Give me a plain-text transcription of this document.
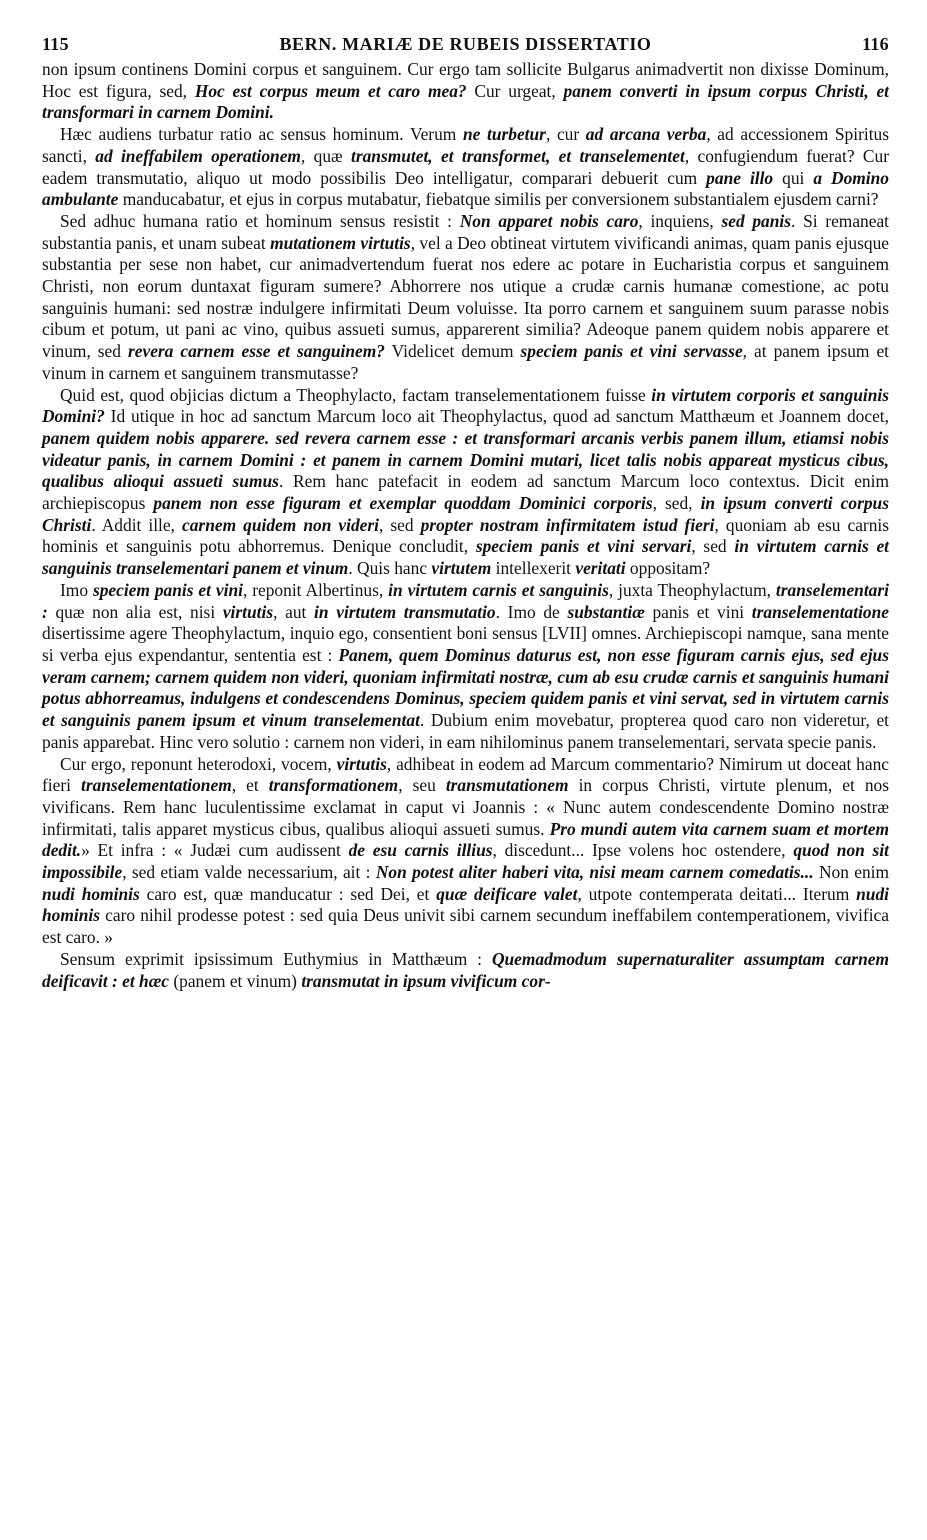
115	BERN. MARIÆ DE RUBEIS DISSERTATIO	116

non ipsum continens Domini corpus et sanguinem. Cur ergo tam sollicite Bulgarus animadvertit non dixisse Dominum, Hoc est figura, sed, Hoc est corpus meum et caro mea? Cur urgeat, panem converti in ipsum corpus Christi, et transformari in carnem Domini.

Hæc audiens turbatur ratio ac sensus hominum. Verum ne turbetur, cur ad arcana verba, ad accessionem Spiritus sancti, ad ineffabilem operationem, quæ transmutet, et transformet, et transelementet, confugiendum fuerat? Cur eadem transmutatio, aliquo ut modo possibilis Deo intelligatur, comparari debuerit cum pane illo qui a Domino ambulante manducabatur, et ejus in corpus mutabatur, fiebatque similis per conversionem substantialem ejusdem carni?

Sed adhuc humana ratio et hominum sensus resistit : Non apparet nobis caro, inquiens, sed panis. Si remaneat substantia panis, et unam subeat mutationem virtutis, vel a Deo obtineat virtutem vivificandi animas, quam panis ejusque substantia per sese non habet, cur animadvertendum fuerat nos edere ac potare in Eucharistia corpus et sanguinem Christi, non eorum duntaxat figuram sumere? Abhorrere nos utique a crudæ carnis humanæ comestione, ac potu sanguinis humani: sed nostræ indulgere infirmitati Deum voluisse. Ita porro carnem et sanguinem suum parasse nobis cibum et potum, ut pani ac vino, quibus assueti sumus, apparerent similia? Adeoque panem quidem nobis apparere et vinum, sed revera carnem esse et sanguinem? Videlicet demum speciem panis et vini servasse, at panem ipsum et vinum in carnem et sanguinem transmutasse?

Quid est, quod objicias dictum a Theophylacto, factam transelementationem fuisse in virtutem corporis et sanguinis Domini? Id utique in hoc ad sanctum Marcum loco ait Theophylactus, quod ad sanctum Matthæum et Joannem docet, panem quidem nobis apparere. sed revera carnem esse : et transformari arcanis verbis panem illum, etiamsi nobis videatur panis, in carnem Domini : et panem in carnem Domini mutari, licet talis nobis appareat mysticus cibus, qualibus alioqui assueti sumus. Rem hanc patefacit in eodem ad sanctum Marcum loco contextus. Dicit enim archiepiscopus panem non esse figuram et exemplar quoddam Dominici corporis, sed, in ipsum converti corpus Christi. Addit ille, carnem quidem non videri, sed propter nostram infirmitatem istud fieri, quoniam ab esu carnis hominis et sanguinis potu abhorremus. Denique concludit, speciem panis et vini servari, sed in virtutem carnis et sanguinis transelementari panem et vinum. Quis hanc virtutem intellexerit veritati oppositam?

Imo speciem panis et vini, reponit Albertinus, in virtutem carnis et sanguinis, juxta Theophylactum, transelementari : quæ non alia est, nisi virtutis, aut in virtutem transmutatio. Imo de substantiæ panis et vini transelementatione disertissime agere Theophylactum, inquio ego, consentient boni sensus [LVII] omnes. Archiepiscopi namque, sana mente si verba ejus expendantur, sententia est : Panem, quem Dominus daturus est, non esse figuram carnis ejus, sed ejus veram carnem; carnem quidem non videri, quoniam infirmitati nostræ, cum ab esu crudæ carnis et sanguinis humani potus abhorreamus, indulgens et condescendens Dominus, speciem quidem panis et vini servat, sed in virtutem carnis et sanguinis panem ipsum et vinum transelementat. Dubium enim movebatur, propterea quod caro non videretur, et panis apparebat. Hinc vero solutio : carnem non videri, in eam nihilominus panem transelementari, servata specie panis.

Cur ergo, reponunt heterodoxi, vocem, virtutis, adhibeat in eodem ad Marcum commentario? Nimirum ut doceat hanc fieri transelementationem, et transformationem, seu transmutationem in corpus Christi, virtute plenum, et nos vivificans. Rem hanc luculentissime exclamat in caput vi Joannis : « Nunc autem condescendente Domino nostræ infirmitati, talis apparet mysticus cibus, qualibus alioqui assueti sumus. Pro mundi autem vita carnem suam et mortem dedit.» Et infra : « Judæi cum audissent de esu carnis illius, discedunt... Ipse volens hoc ostendere, quod non sit impossibile, sed etiam valde necessarium, ait : Non potest aliter haberi vita, nisi meam carnem comedatis... Non enim nudi hominis caro est, quæ manducatur : sed Dei, et quæ deificare valet, utpote contemperata deitati... Iterum nudi hominis caro nihil prodesse potest : sed quia Deus univit sibi carnem secundum ineffabilem contemperationem, vivifica est caro. »

Sensum exprimit ipsissimum Euthymius in Matthæum : Quemadmodum supernaturaliter assumptam carnem deificavit : et hæc (panem et vinum) transmutat in ipsum vivificum cor-
